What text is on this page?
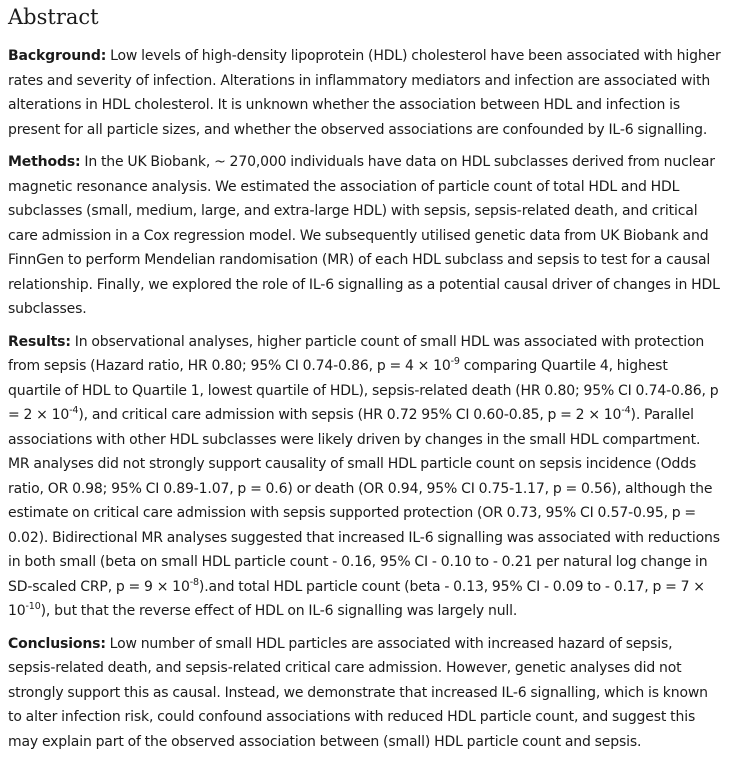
Abstract

Background: Low levels of high-density lipoprotein (HDL) cholesterol have been associated with higher rates and severity of infection. Alterations in inflammatory mediators and infection are associated with alterations in HDL cholesterol. It is unknown whether the association between HDL and infection is present for all particle sizes, and whether the observed associations are confounded by IL-6 signalling.

Methods: In the UK Biobank, ~ 270,000 individuals have data on HDL subclasses derived from nuclear magnetic resonance analysis. We estimated the association of particle count of total HDL and HDL subclasses (small, medium, large, and extra-large HDL) with sepsis, sepsis-related death, and critical care admission in a Cox regression model. We subsequently utilised genetic data from UK Biobank and FinnGen to perform Mendelian randomisation (MR) of each HDL subclass and sepsis to test for a causal relationship. Finally, we explored the role of IL-6 signalling as a potential causal driver of changes in HDL subclasses.

Results: In observational analyses, higher particle count of small HDL was associated with protection from sepsis (Hazard ratio, HR 0.80; 95% CI 0.74-0.86, $p = 4 \times 10^{-9}$ comparing Quartile 4, highest quartile of HDL to Quartile 1, lowest quartile of HDL), sepsis-related death (HR 0.80; 95% CI 0.74-0.86, $p = 2 \times 10^{-4}$), and critical care admission with sepsis (HR 0.72 95% CI 0.60-0.85, $p = 2 \times 10^{-4}$). Parallel associations with other HDL subclasses were likely driven by changes in the small HDL compartment. MR analyses did not strongly support causality of small HDL particle count on sepsis incidence (Odds ratio, OR 0.98; 95% CI 0.89-1.07, p = 0.6) or death (OR 0.94, 95% CI 0.75-1.17, p = 0.56), although the estimate on critical care admission with sepsis supported protection (OR 0.73, 95% CI 0.57-0.95, p = 0.02). Bidirectional MR analyses suggested that increased IL-6 signalling was associated with reductions in both small (beta on small HDL particle count - 0.16, 95% CI - 0.10 to - 0.21 per natural log change in SD-scaled CRP, $p = 9 \times 10^{-8}).and$ total HDL particle count (beta - 0.13, 95% CI - 0.09 to - 0.17, $p = 7 \times 10^{-10}$), but that the reverse effect of HDL on IL-6 signalling was largely null.

Conclusions: Low number of small HDL particles are associated with increased hazard of sepsis, sepsis-related death, and sepsis-related critical care admission. However, genetic analyses did not strongly support this as causal. Instead, we demonstrate that increased IL-6 signalling, which is known to alter infection risk, could confound associations with reduced HDL particle count, and suggest this may explain part of the observed association between (small) HDL particle count and sepsis.
